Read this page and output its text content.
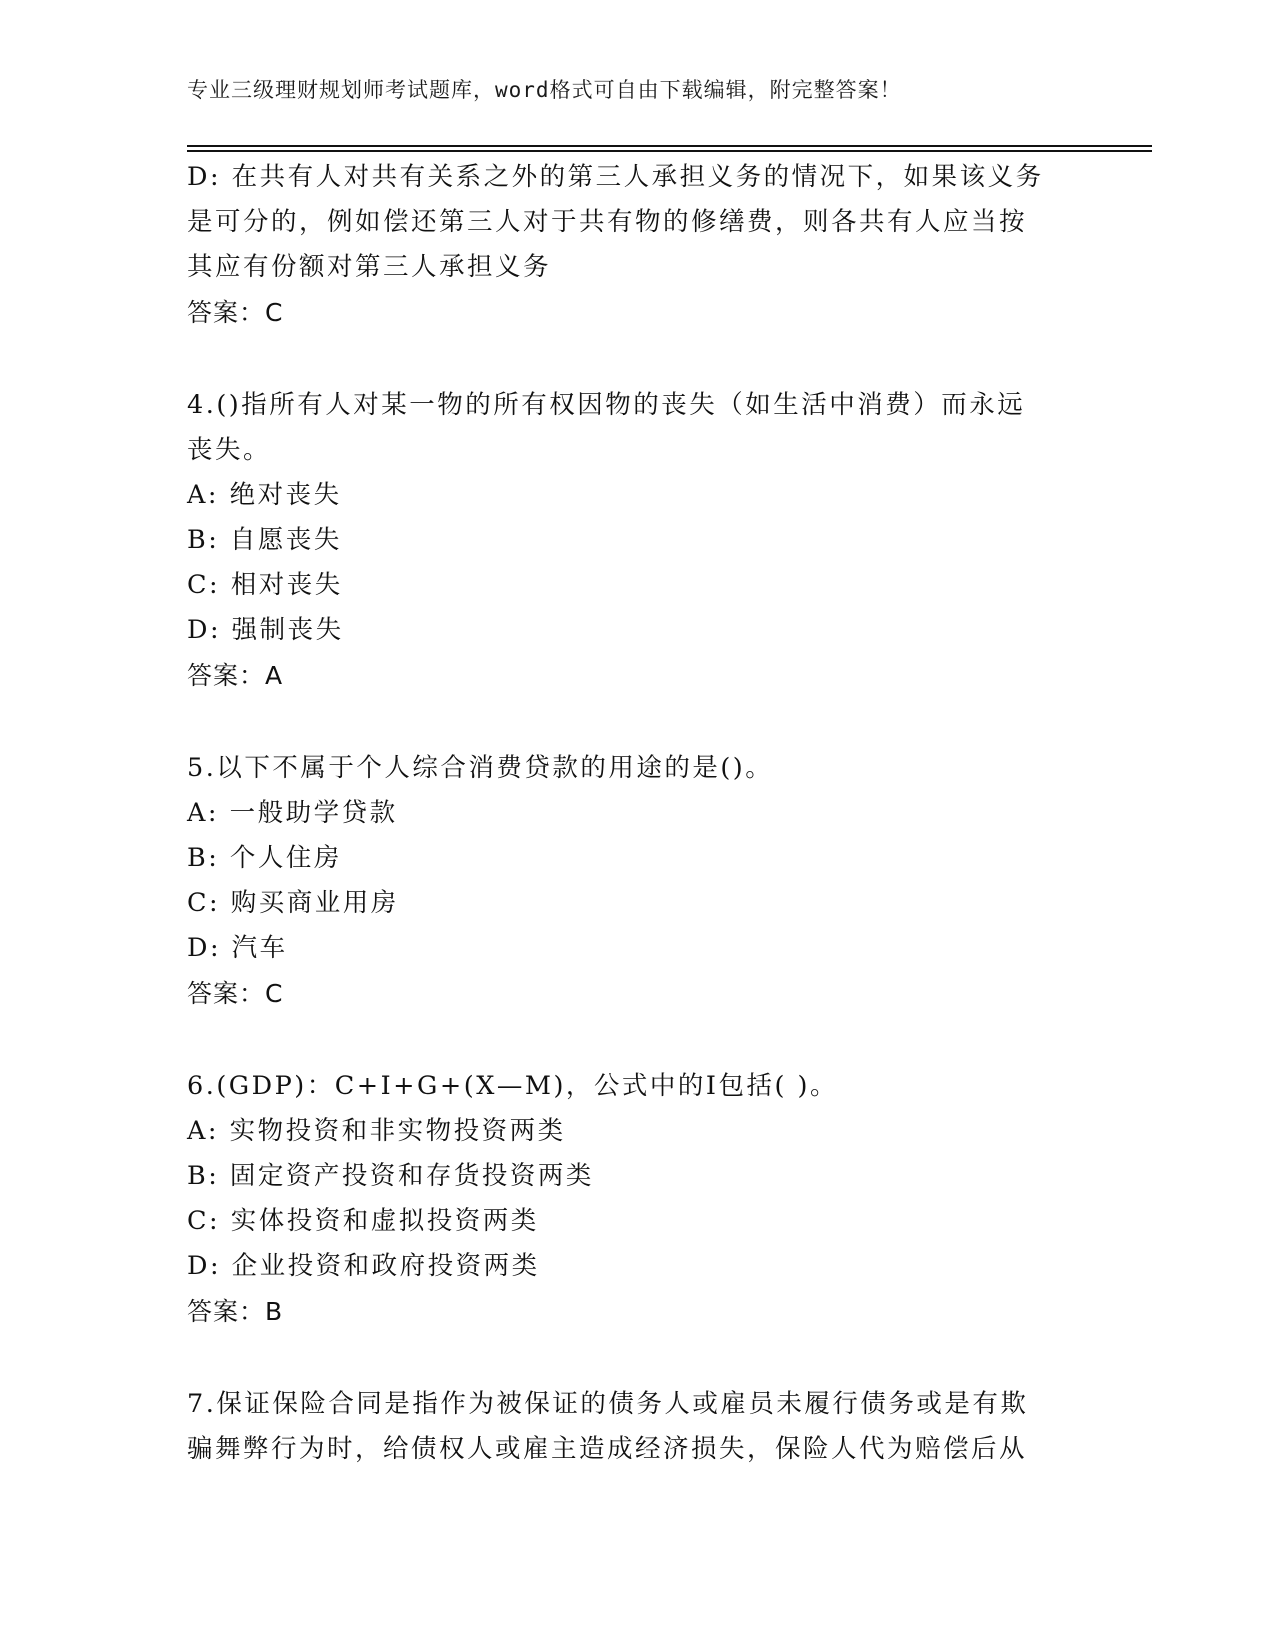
专业三级理财规划师考试题库，word格式可自由下载编辑，附完整答案！
D: 在共有人对共有关系之外的第三人承担义务的情况下，如果该义务
是可分的，例如偿还第三人对于共有物的修缮费，则各共有人应当按
其应有份额对第三人承担义务
答案：C
4.()指所有人对某一物的所有权因物的丧失（如生活中消费）而永远
丧失。
A: 绝对丧失
B: 自愿丧失
C: 相对丧失
D: 强制丧失
答案：A
5.以下不属于个人综合消费贷款的用途的是()。
A: 一般助学贷款
B: 个人住房
C: 购买商业用房
D: 汽车
答案：C
6.(GDP)：C+I+G+(X—M)，公式中的I包括( )。
A: 实物投资和非实物投资两类
B: 固定资产投资和存货投资两类
C: 实体投资和虚拟投资两类
D: 企业投资和政府投资两类
答案：B
7.保证保险合同是指作为被保证的债务人或雇员未履行债务或是有欺
骗舞弊行为时，给债权人或雇主造成经济损失，保险人代为赔偿后从
